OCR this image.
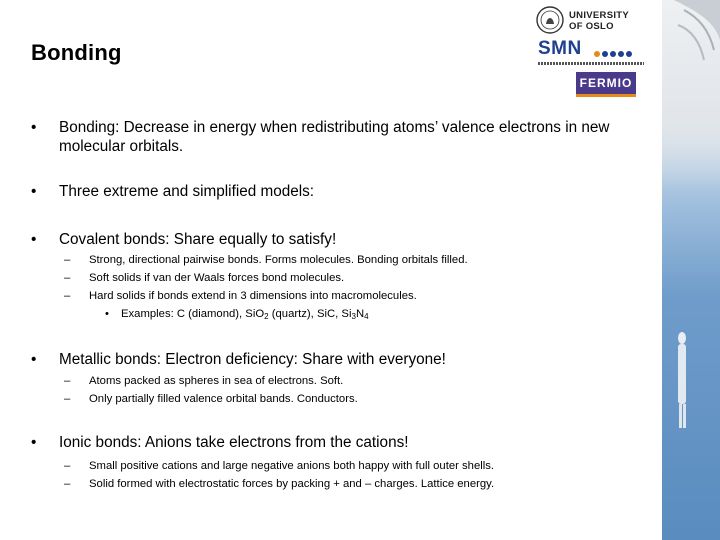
Bonding
UNIVERSITY
OF OSLO
SMN
FERMIO
• Bonding: Decrease in energy when redistributing atoms’ valence electrons in new molecular orbitals.
• Three extreme and simplified models:
• Covalent bonds: Share equally to satisfy!
– Strong, directional pairwise bonds. Forms molecules. Bonding orbitals filled.
– Soft solids if van der Waals forces bond molecules.
– Hard solids if bonds extend in 3 dimensions into macromolecules.
• Examples: C (diamond), SiO$_2$ (quartz), SiC, $Si_3N_4$
• Metallic bonds: Electron deficiency: Share with everyone!
– Atoms packed as spheres in sea of electrons. Soft.
– Only partially filled valence orbital bands. Conductors.
• Ionic bonds: Anions take electrons from the cations!
– Small positive cations and large negative anions both happy with full outer shells.
– Solid formed with electrostatic forces by packing + and – charges. Lattice energy.
